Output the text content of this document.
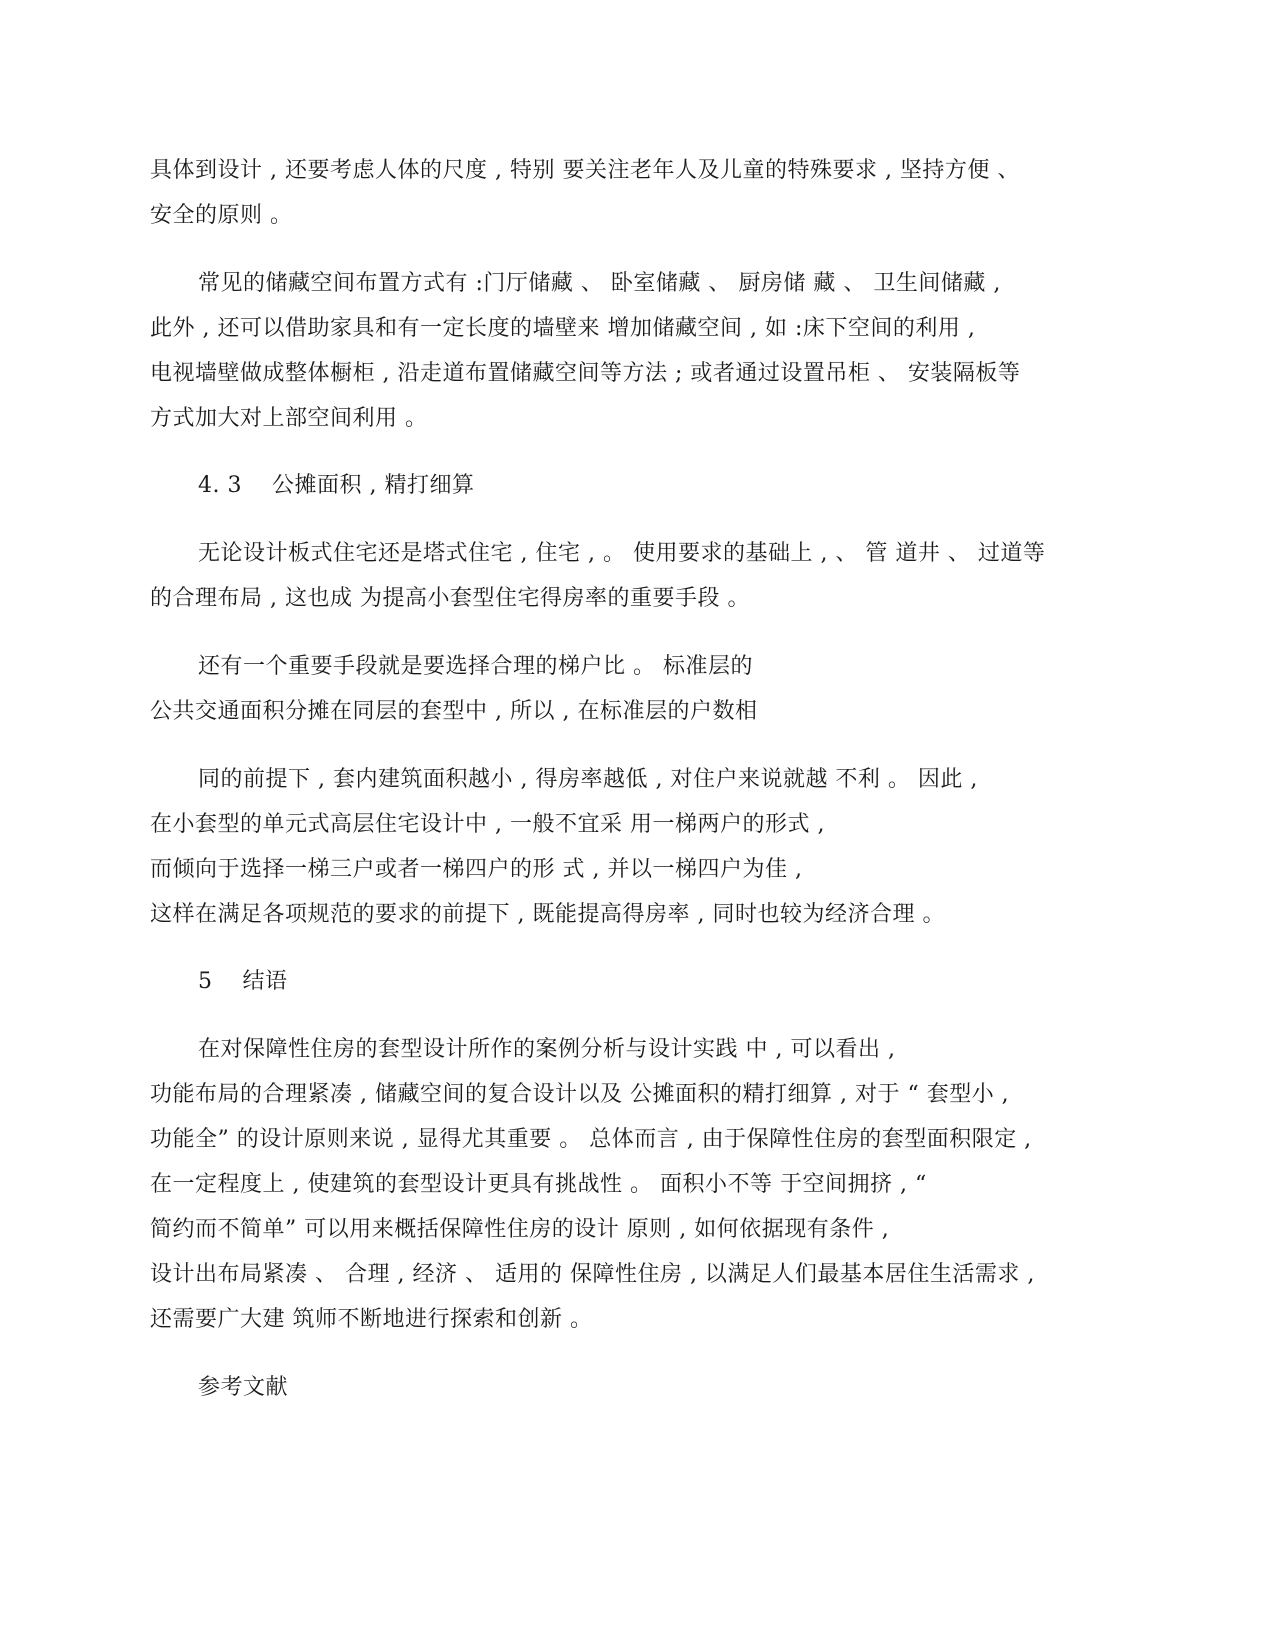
具体到设计 , 还要考虑人体的尺度 , 特别 要关注老年人及儿童的特殊要求 , 坚持方便 、
安全的原则 。
常见的储藏空间布置方式有 :门厅储藏 、 卧室储藏 、 厨房储 藏 、 卫生间储藏 ,
此外 , 还可以借助家具和有一定长度的墙壁来 增加储藏空间 , 如 :床下空间的利用 ,
电视墙壁做成整体橱柜 , 沿走道布置储藏空间等方法 ; 或者通过设置吊柜 、 安装隔板等
方式加大对上部空间利用 。
4. 3　 公摊面积 , 精打细算
无论设计板式住宅还是塔式住宅 , 住宅 , 。 使用要求的基础上 , 、 管 道井 、 过道等
的合理布局 , 这也成 为提高小套型住宅得房率的重要手段 。
还有一个重要手段就是要选择合理的梯户比 。 标准层的
公共交通面积分摊在同层的套型中 , 所以 , 在标准层的户数相
同的前提下 , 套内建筑面积越小 , 得房率越低 , 对住户来说就越 不利 。 因此 ,
在小套型的单元式高层住宅设计中 , 一般不宜采 用一梯两户的形式 ,
而倾向于选择一梯三户或者一梯四户的形 式 , 并以一梯四户为佳 ,
这样在满足各项规范的要求的前提下 , 既能提高得房率 , 同时也较为经济合理 。
5　 结语
在对保障性住房的套型设计所作的案例分析与设计实践 中 , 可以看出 ,
功能布局的合理紧凑 , 储藏空间的复合设计以及 公摊面积的精打细算 , 对于 “ 套型小 ,
功能全” 的设计原则来说 , 显得尤其重要 。 总体而言 , 由于保障性住房的套型面积限定 ,
在一定程度上 , 使建筑的套型设计更具有挑战性 。 面积小不等 于空间拥挤 , “
简约而不简单” 可以用来概括保障性住房的设计 原则 , 如何依据现有条件 ,
设计出布局紧凑 、 合理 , 经济 、 适用的 保障性住房 , 以满足人们最基本居住生活需求 ,
还需要广大建 筑师不断地进行探索和创新 。
参考文献
